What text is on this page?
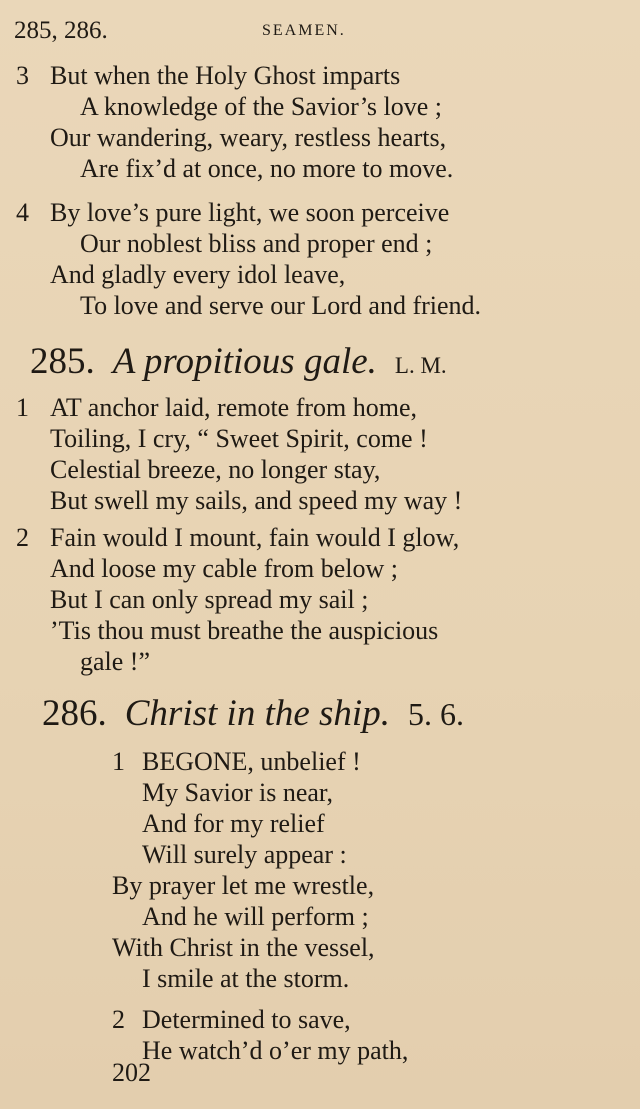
285, 286.	SEAMEN.
3 But when the Holy Ghost imparts
A knowledge of the Savior’s love ;
Our wandering, weary, restless hearts,
Are fix’d at once, no more to move.
4 By love’s pure light, we soon perceive
Our noblest bliss and proper end ;
And gladly every idol leave,
To love and serve our Lord and friend.
285. A propitious gale. L. M.
1 AT anchor laid, remote from home,
Toiling, I cry, “ Sweet Spirit, come !
Celestial breeze, no longer stay,
But swell my sails, and speed my way !
2 Fain would I mount, fain would I glow,
And loose my cable from below ;
But I can only spread my sail ;
’Tis thou must breathe the auspicious
gale !”
286. Christ in the ship. 5. 6.
1 BEGONE, unbelief !
My Savior is near,
And for my relief
Will surely appear :
By prayer let me wrestle,
And he will perform ;
With Christ in the vessel,
I smile at the storm.
2 Determined to save,
He watch’d o’er my path,
202
